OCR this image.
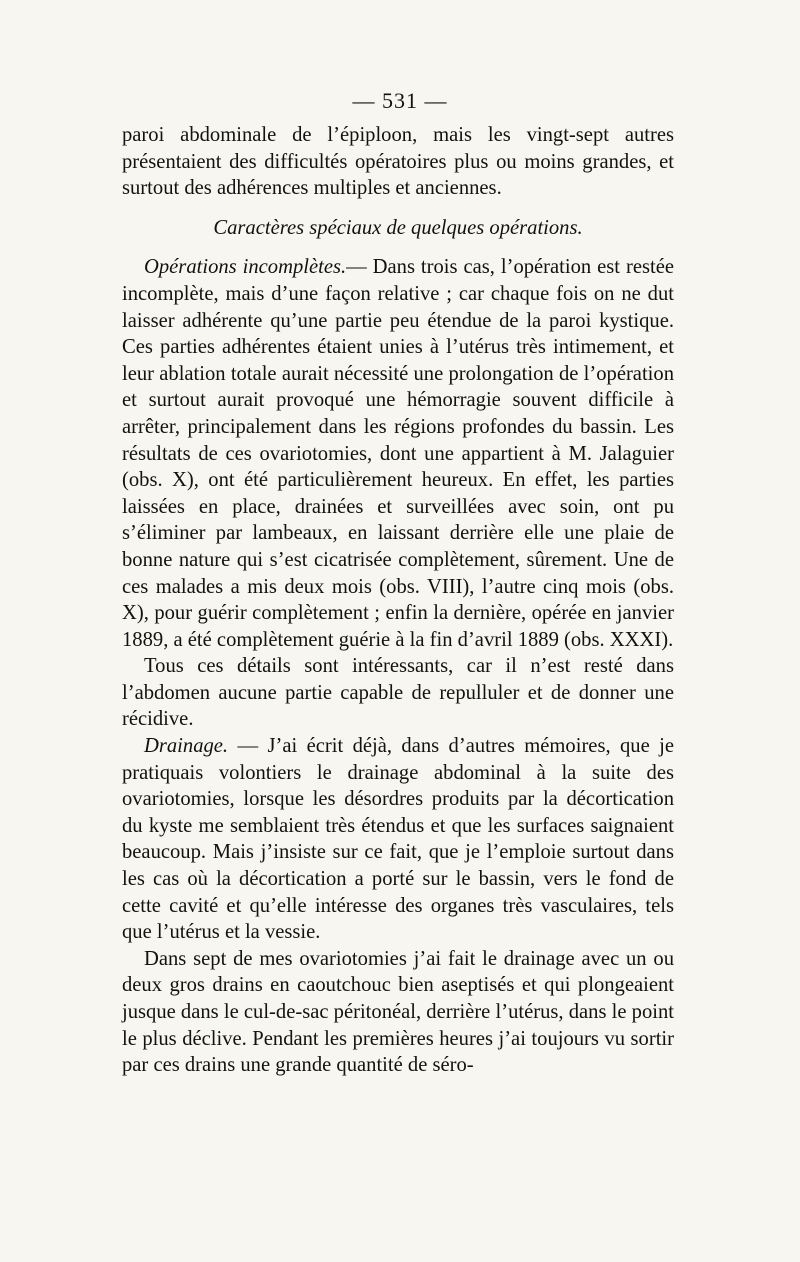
— 531 —

paroi abdominale de l’épiploon, mais les vingt-sept autres présentaient des difficultés opératoires plus ou moins grandes, et surtout des adhérences multiples et anciennes.

Caractères spéciaux de quelques opérations.

Opérations incomplètes.— Dans trois cas, l’opération est restée incomplète, mais d’une façon relative ; car chaque fois on ne dut laisser adhérente qu’une partie peu étendue de la paroi kystique. Ces parties adhérentes étaient unies à l’utérus très intimement, et leur ablation totale aurait nécessité une prolongation de l’opération et surtout aurait provoqué une hémorragie souvent difficile à arrêter, principalement dans les régions profondes du bassin. Les résultats de ces ovariotomies, dont une appartient à M. Jalaguier (obs. X), ont été particulièrement heureux. En effet, les parties laissées en place, drainées et surveillées avec soin, ont pu s’éliminer par lambeaux, en laissant derrière elle une plaie de bonne nature qui s’est cicatrisée complètement, sûrement. Une de ces malades a mis deux mois (obs. VIII), l’autre cinq mois (obs. X), pour guérir complètement ; enfin la dernière, opérée en janvier 1889, a été complètement guérie à la fin d’avril 1889 (obs. XXXI).

Tous ces détails sont intéressants, car il n’est resté dans l’abdomen aucune partie capable de repulluler et de donner une récidive.

Drainage. — J’ai écrit déjà, dans d’autres mémoires, que je pratiquais volontiers le drainage abdominal à la suite des ovariotomies, lorsque les désordres produits par la décortication du kyste me semblaient très étendus et que les surfaces saignaient beaucoup. Mais j’insiste sur ce fait, que je l’emploie surtout dans les cas où la décortication a porté sur le bassin, vers le fond de cette cavité et qu’elle intéresse des organes très vasculaires, tels que l’utérus et la vessie.

Dans sept de mes ovariotomies j’ai fait le drainage avec un ou deux gros drains en caoutchouc bien aseptisés et qui plongeaient jusque dans le cul-de-sac péritonéal, derrière l’utérus, dans le point le plus déclive. Pendant les premières heures j’ai toujours vu sortir par ces drains une grande quantité de séro-
